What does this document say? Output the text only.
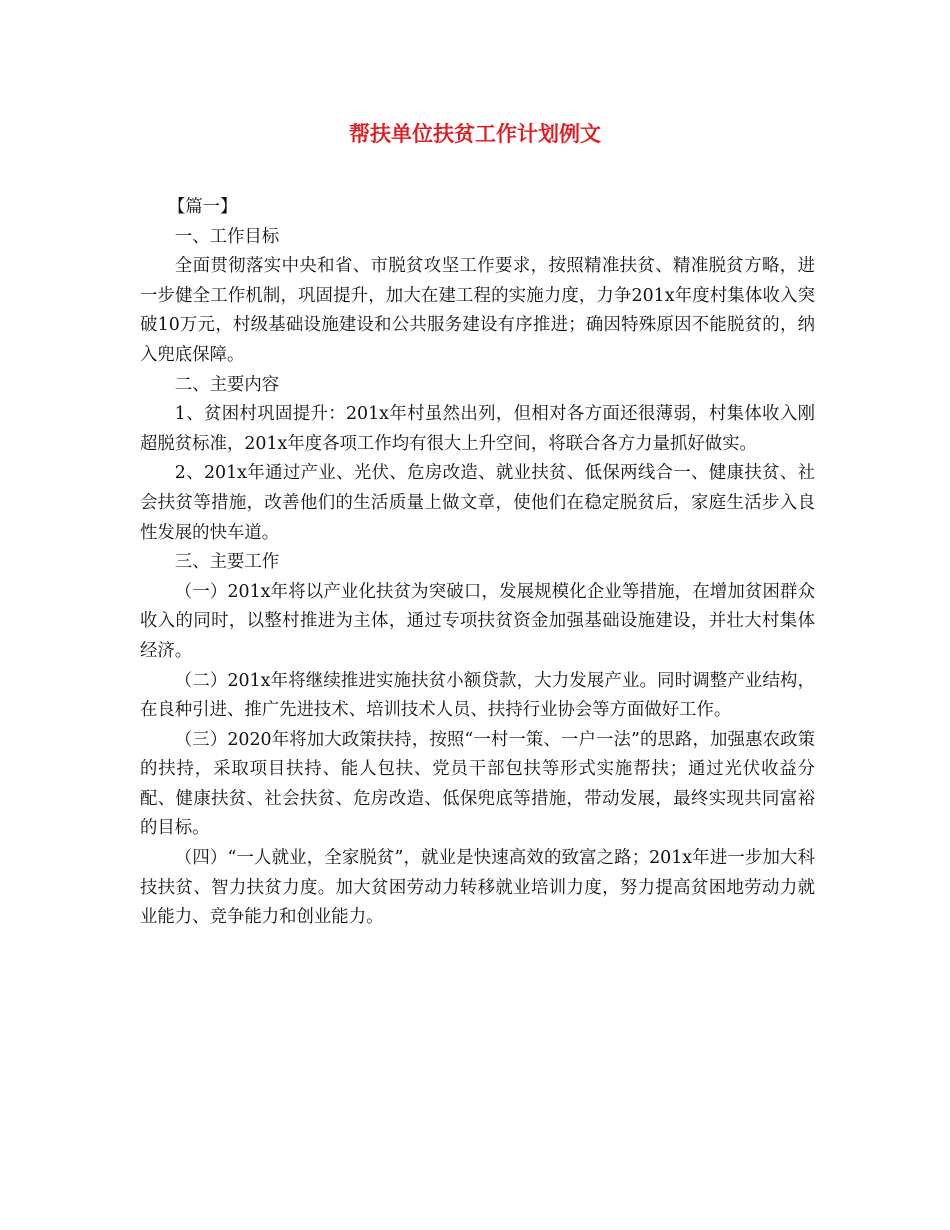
帮扶单位扶贫工作计划例文

【篇一】

一、工作目标

全面贯彻落实中央和省、市脱贫攻坚工作要求，按照精准扶贫、精准脱贫方略，进一步健全工作机制，巩固提升，加大在建工程的实施力度，力争201x年度村集体收入突破10万元，村级基础设施建设和公共服务建设有序推进；确因特殊原因不能脱贫的，纳入兜底保障。

二、主要内容

1、贫困村巩固提升：201x年村虽然出列，但相对各方面还很薄弱，村集体收入刚超脱贫标准，201x年度各项工作均有很大上升空间，将联合各方力量抓好做实。

2、201x年通过产业、光伏、危房改造、就业扶贫、低保两线合一、健康扶贫、社会扶贫等措施，改善他们的生活质量上做文章，使他们在稳定脱贫后，家庭生活步入良性发展的快车道。

三、主要工作

（一）201x年将以产业化扶贫为突破口，发展规模化企业等措施，在增加贫困群众收入的同时，以整村推进为主体，通过专项扶贫资金加强基础设施建设，并壮大村集体经济。

（二）201x年将继续推进实施扶贫小额贷款，大力发展产业。同时调整产业结构，在良种引进、推广先进技术、培训技术人员、扶持行业协会等方面做好工作。

（三）2020年将加大政策扶持，按照“一村一策、一户一法”的思路，加强惠农政策的扶持，采取项目扶持、能人包扶、党员干部包扶等形式实施帮扶；通过光伏收益分配、健康扶贫、社会扶贫、危房改造、低保兜底等措施，带动发展，最终实现共同富裕的目标。

（四）“一人就业，全家脱贫”，就业是快速高效的致富之路；201x年进一步加大科技扶贫、智力扶贫力度。加大贫困劳动力转移就业培训力度，努力提高贫困地劳动力就业能力、竞争能力和创业能力。
